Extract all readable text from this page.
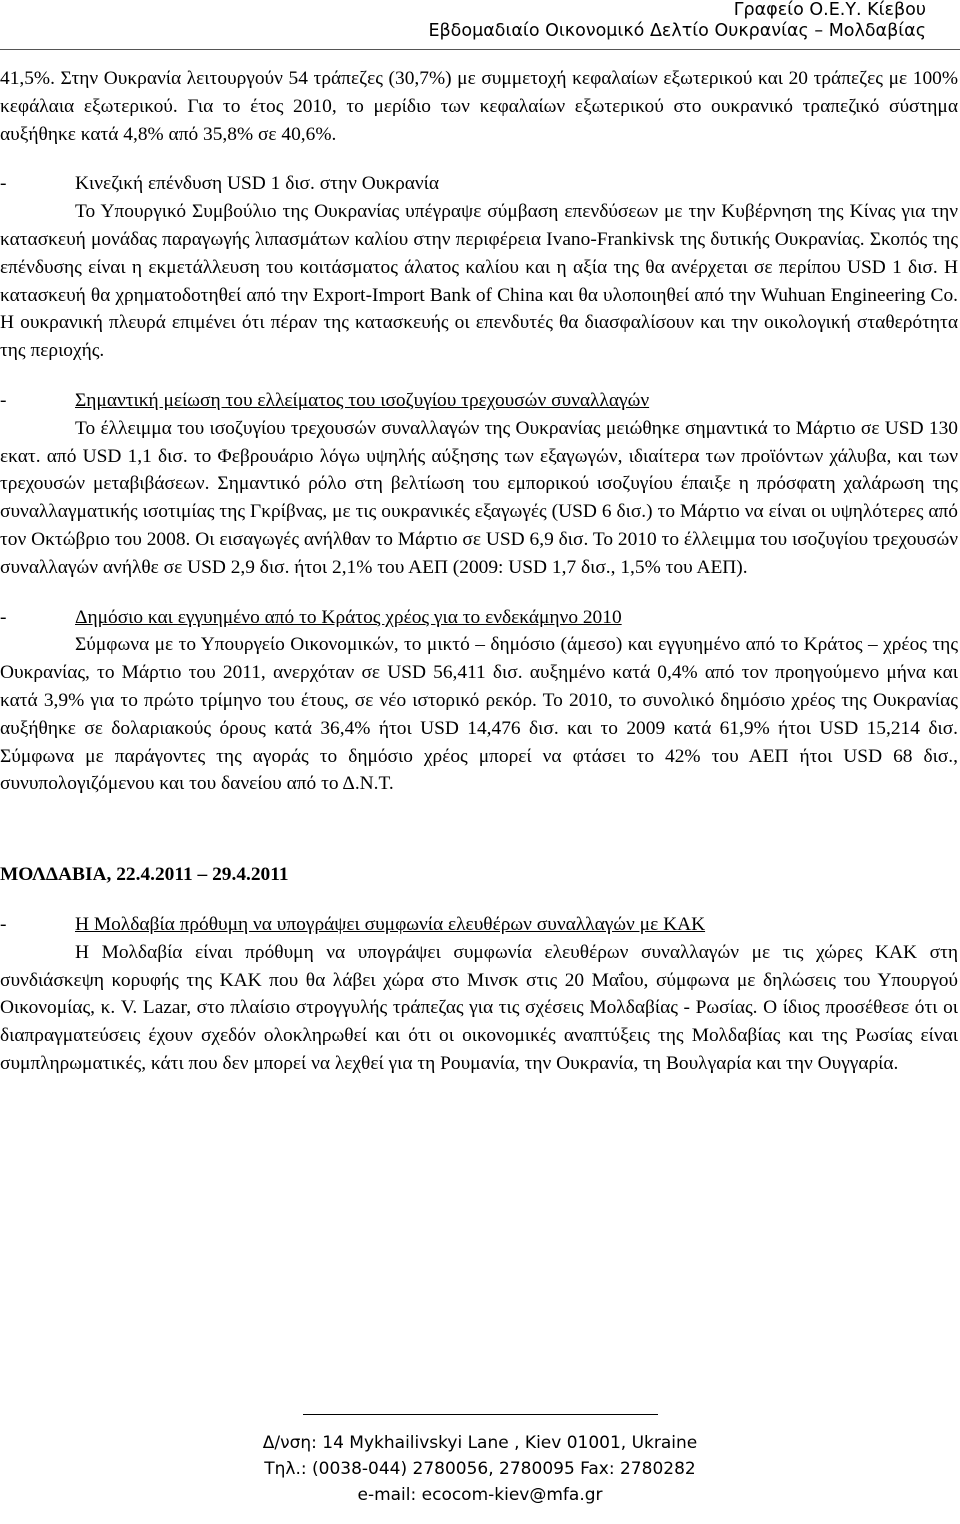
Γραφείο Ο.Ε.Υ. Κίεβου
Εβδομαδιαίο Οικονομικό Δελτίο Ουκρανίας – Μολδαβίας

41,5%. Στην Ουκρανία λειτουργούν 54 τράπεζες (30,7%) με συμμετοχή κεφαλαίων εξωτερικού και 20 τράπεζες με 100% κεφάλαια εξωτερικού. Για το έτος 2010, το μερίδιο των κεφαλαίων εξωτερικού στο ουκρανικό τραπεζικό σύστημα αυξήθηκε κατά 4,8% από 35,8% σε 40,6%.

-	Κινεζική επένδυση USD 1 δισ. στην Ουκρανία

Το Υπουργικό Συμβούλιο της Ουκρανίας υπέγραψε σύμβαση επενδύσεων με την Κυβέρνηση της Κίνας για την κατασκευή μονάδας παραγωγής λιπασμάτων καλίου στην περιφέρεια Ivano-Frankivsk της δυτικής Ουκρανίας. Σκοπός της επένδυσης είναι η εκμετάλλευση του κοιτάσματος άλατος καλίου και η αξία της θα ανέρχεται σε περίπου USD 1 δισ. Η κατασκευή θα χρηματοδοτηθεί από την Export-Import Bank of China και θα υλοποιηθεί από την Wuhuan Engineering Co. Η ουκρανική πλευρά επιμένει ότι πέραν της κατασκευής οι επενδυτές θα διασφαλίσουν και την οικολογική σταθερότητα της περιοχής.

-	Σημαντική μείωση του ελλείματος του ισοζυγίου τρεχουσών συναλλαγών

Το έλλειμμα του ισοζυγίου τρεχουσών συναλλαγών της Ουκρανίας μειώθηκε σημαντικά το Μάρτιο σε USD 130 εκατ. από USD 1,1 δισ. το Φεβρουάριο λόγω υψηλής αύξησης των εξαγωγών, ιδιαίτερα των προϊόντων χάλυβα, και των τρεχουσών μεταβιβάσεων. Σημαντικό ρόλο στη βελτίωση του εμπορικού ισοζυγίου έπαιξε η πρόσφατη χαλάρωση της συναλλαγματικής ισοτιμίας της Γκρίβνας, με τις ουκρανικές εξαγωγές (USD 6 δισ.) το Μάρτιο να είναι οι υψηλότερες από τον Οκτώβριο του 2008. Οι εισαγωγές ανήλθαν το Μάρτιο σε USD 6,9 δισ. Το 2010 το έλλειμμα του ισοζυγίου τρεχουσών συναλλαγών ανήλθε σε USD 2,9 δισ. ήτοι 2,1% του ΑΕΠ (2009: USD 1,7 δισ., 1,5% του ΑΕΠ).

-	Δημόσιο και εγγυημένο από το Κράτος χρέος για το ενδεκάμηνο 2010

Σύμφωνα με το Υπουργείο Οικονομικών, το μικτό – δημόσιο (άμεσο) και εγγυημένο από το Κράτος – χρέος της Ουκρανίας, το Μάρτιο του 2011, ανερχόταν σε USD 56,411 δισ. αυξημένο κατά 0,4% από τον προηγούμενο μήνα και κατά 3,9% για το πρώτο τρίμηνο του έτους, σε νέο ιστορικό ρεκόρ. Το 2010, το συνολικό δημόσιο χρέος της Ουκρανίας αυξήθηκε σε δολαριακούς όρους κατά 36,4% ήτοι USD 14,476 δισ. και το 2009 κατά 61,9% ήτοι USD 15,214 δισ. Σύμφωνα με παράγοντες της αγοράς το δημόσιο χρέος μπορεί να φτάσει το 42% του ΑΕΠ ήτοι USD 68 δισ., συνυπολογιζόμενου και του δανείου από το Δ.Ν.Τ.

ΜΟΛΔΑΒΙΑ, 22.4.2011 – 29.4.2011

-	Η Μολδαβία πρόθυμη να υπογράψει συμφωνία ελευθέρων συναλλαγών με ΚΑΚ

Η Μολδαβία είναι πρόθυμη να υπογράψει συμφωνία ελευθέρων συναλλαγών με τις χώρες ΚΑΚ στη συνδιάσκεψη κορυφής της ΚΑΚ που θα λάβει χώρα στο Μινσκ στις 20 Μαΐου, σύμφωνα με δηλώσεις του Υπουργού Οικονομίας, κ. V. Lazar, στο πλαίσιο στρογγυλής τράπεζας για τις σχέσεις Μολδαβίας - Ρωσίας. Ο ίδιος προσέθεσε ότι οι διαπραγματεύσεις έχουν σχεδόν ολοκληρωθεί και ότι οι οικονομικές αναπτύξεις της Μολδαβίας και της Ρωσίας είναι συμπληρωματικές, κάτι που δεν μπορεί να λεχθεί για τη Ρουμανία, την Ουκρανία, τη Βουλγαρία και την Ουγγαρία.

Δ/νση: 14 Mykhailivskyi Lane , Kiev 01001, Ukraine
Τηλ.: (0038-044) 2780056, 2780095 Fax: 2780282
e-mail: ecocom-kiev@mfa.gr
